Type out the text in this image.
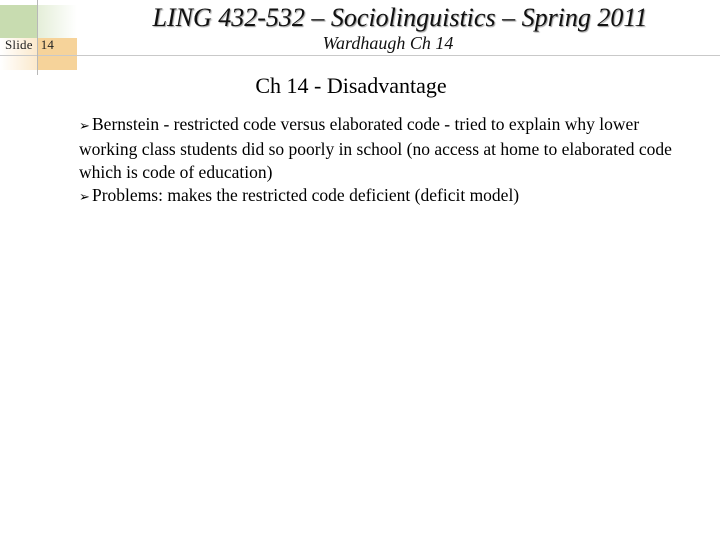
Slide 14
LING 432-532 – Sociolinguistics – Spring 2011
Wardhaugh Ch 14
Ch 14 - Disadvantage
➢ Bernstein - restricted code versus elaborated code - tried to explain why lower working class students did so poorly in school (no access at home to elaborated code which is code of education)
➢ Problems: makes the restricted code deficient (deficit model)
